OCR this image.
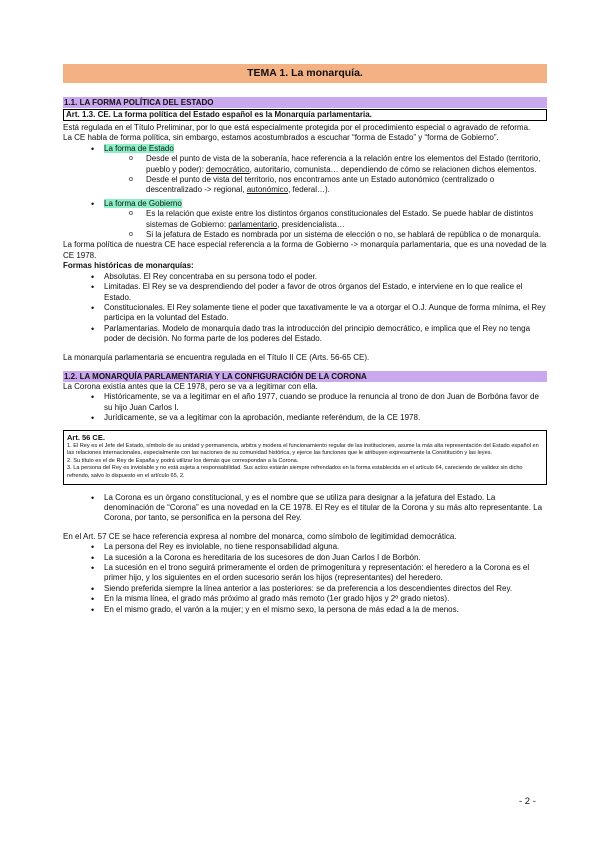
TEMA 1. La monarquía.
1.1. LA FORMA POLÍTICA DEL ESTADO
Art. 1.3. CE. La forma política del Estado español es la Monarquía parlamentaria.

Está regulada en el Título Preliminar, por lo que está especialmente protegida por el procedimiento especial o agravado de reforma.

La CE habla de forma política, sin embargo, estamos acostumbrados a escuchar “forma de Estado” y “forma de Gobierno”.

• La forma de Estado
o Desde el punto de vista de la soberanía, hace referencia a la relación entre los elementos del Estado (territorio, pueblo y poder): democrático, autoritario, comunista… dependiendo de cómo se relacionen dichos elementos.
o Desde el punto de vista del territorio, nos encontramos ante un Estado autonómico (centralizado o descentralizado -> regional, autonómico, federal…).
• La forma de Gobierno
o Es la relación que existe entre los distintos órganos constitucionales del Estado. Se puede hablar de distintos sistemas de Gobierno: parlamentario, presidencialista…
o Si la jefatura de Estado es nombrada por un sistema de elección o no, se hablará de república o de monarquía.

La forma política de nuestra CE hace especial referencia a la forma de Gobierno -> monarquía parlamentaria, que es una novedad de la CE 1978.

Formas históricas de monarquías:

• Absolutas. El Rey concentraba en su persona todo el poder.
• Limitadas. El Rey se va desprendiendo del poder a favor de otros órganos del Estado, e interviene en lo que realice el Estado.
• Constitucionales. El Rey solamente tiene el poder que taxativamente le va a otorgar el O.J. Aunque de forma mínima, el Rey participa en la voluntad del Estado.
• Parlamentarias. Modelo de monarquía dado tras la introducción del principio democrático, e implica que el Rey no tenga poder de decisión. No forma parte de los poderes del Estado.

La monarquía parlamentaria se encuentra regulada en el Título II CE (Arts. 56-65 CE).

1.2. LA MONARQUÍA PARLAMENTARIA Y LA CONFIGURACIÓN DE LA CORONA

La Corona existía antes que la CE 1978, pero se va a legitimar con ella.

• Históricamente, se va a legitimar en el año 1977, cuando se produce la renuncia al trono de don Juan de Borbóna favor de su hijo Juan Carlos I.
• Jurídicamente, se va a legitimar con la aprobación, mediante referéndum, de la CE 1978.
Art. 56 CE.
1. El Rey es el Jefe del Estado, símbolo de su unidad y permanencia, arbitra y modera el funcionamiento regular de las instituciones, asume la más alta representación del Estado español en las relaciones internacionales, especialmente con las naciones de su comunidad histórica, y ejerce las funciones que le atribuyen expresamente la Constitución y las leyes.
2. Su título es el de Rey de España y podrá utilizar los demás que correspondan a la Corona.
3. La persona del Rey es inviolable y no está sujeta a responsabilidad. Sus actos estarán siempre refrendados en la forma establecida en el artículo 64, careciendo de validez sin dicho refrendo, salvo lo dispuesto en el artículo 65, 2.
• La Corona es un órgano constitucional, y es el nombre que se utiliza para designar a la jefatura del Estado. La denominación de “Corona” es una novedad en la CE 1978. El Rey es el titular de la Corona y su más alto representante. La Corona, por tanto, se personifica en la persona del Rey.

En el Art. 57 CE se hace referencia expresa al nombre del monarca, como símbolo de legitimidad democrática.

• La persona del Rey es inviolable, no tiene responsabilidad alguna.
• La sucesión a la Corona es hereditaria de los sucesores de don Juan Carlos I de Borbón.
• La sucesión en el trono seguirá primeramente el orden de primogenitura y representación: el heredero a la Corona es el primer hijo, y los siguientes en el orden sucesorio serán los hijos (representantes) del heredero.
• Siendo preferida siempre la línea anterior a las posteriores: se da preferencia a los descendientes directos del Rey.
• En la misma línea, el grado más próximo al grado más remoto (1er grado hijos y 2º grado nietos).
• En el mismo grado, el varón a la mujer; y en el mismo sexo, la persona de más edad a la de menos.
- 2 -
